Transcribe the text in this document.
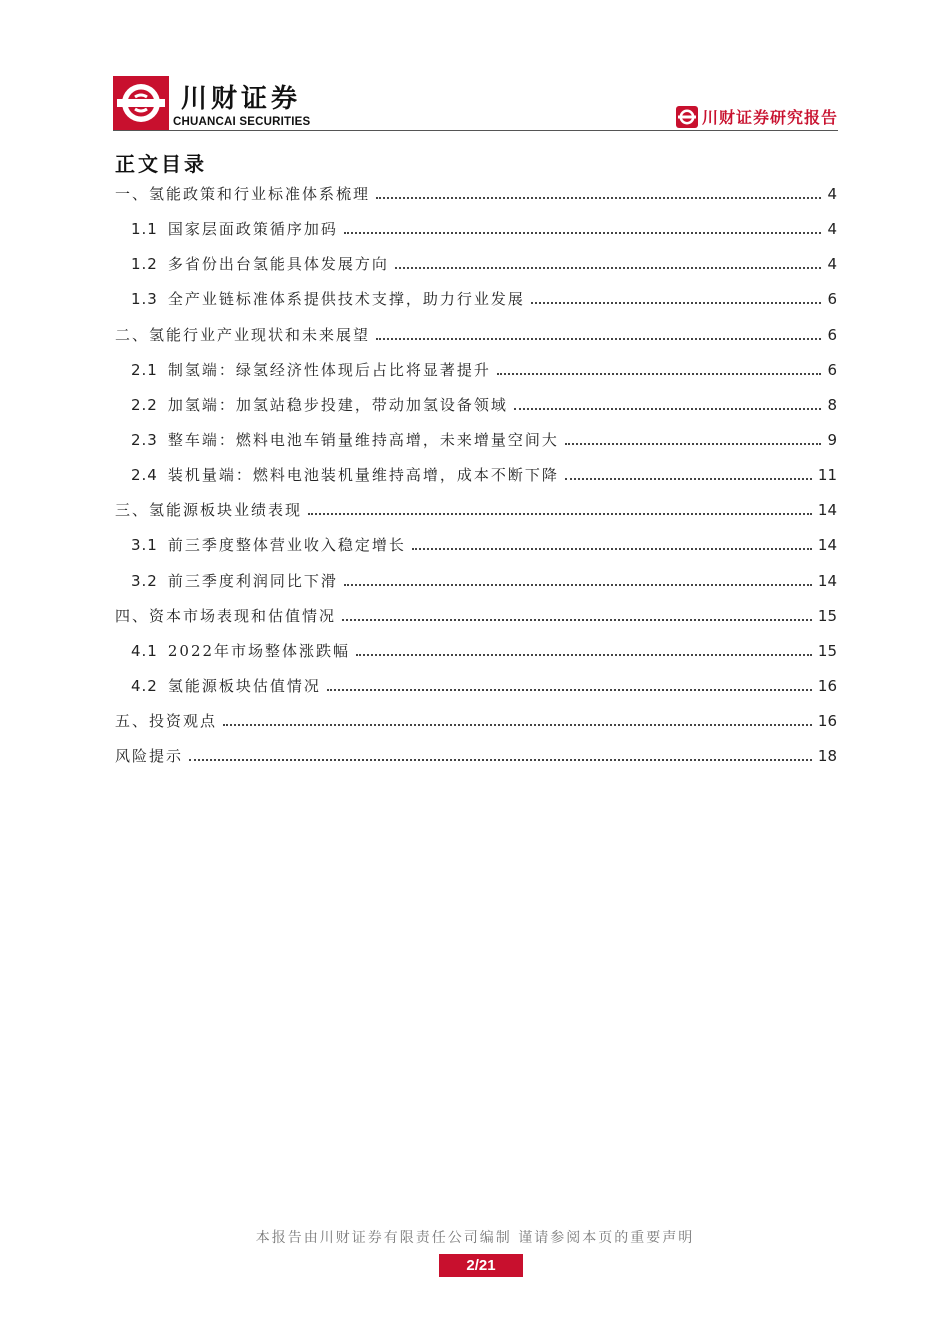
川财证券
CHUANCAI SECURITIES	川财证券研究报告
正文目录
一、氢能政策和行业标准体系梳理	4
1.1 国家层面政策循序加码	4
1.2 多省份出台氢能具体发展方向	4
1.3 全产业链标准体系提供技术支撑，助力行业发展	6
二、氢能行业产业现状和未来展望	6
2.1 制氢端：绿氢经济性体现后占比将显著提升	6
2.2 加氢端：加氢站稳步投建，带动加氢设备领域	8
2.3 整车端：燃料电池车销量维持高增，未来增量空间大	9
2.4 装机量端：燃料电池装机量维持高增，成本不断下降	11
三、氢能源板块业绩表现	14
3.1 前三季度整体营业收入稳定增长	14
3.2 前三季度利润同比下滑	14
四、资本市场表现和估值情况	15
4.1 2022年市场整体涨跌幅	15
4.2 氢能源板块估值情况	16
五、投资观点	16
风险提示	18
本报告由川财证券有限责任公司编制 谨请参阅本页的重要声明
2/21
